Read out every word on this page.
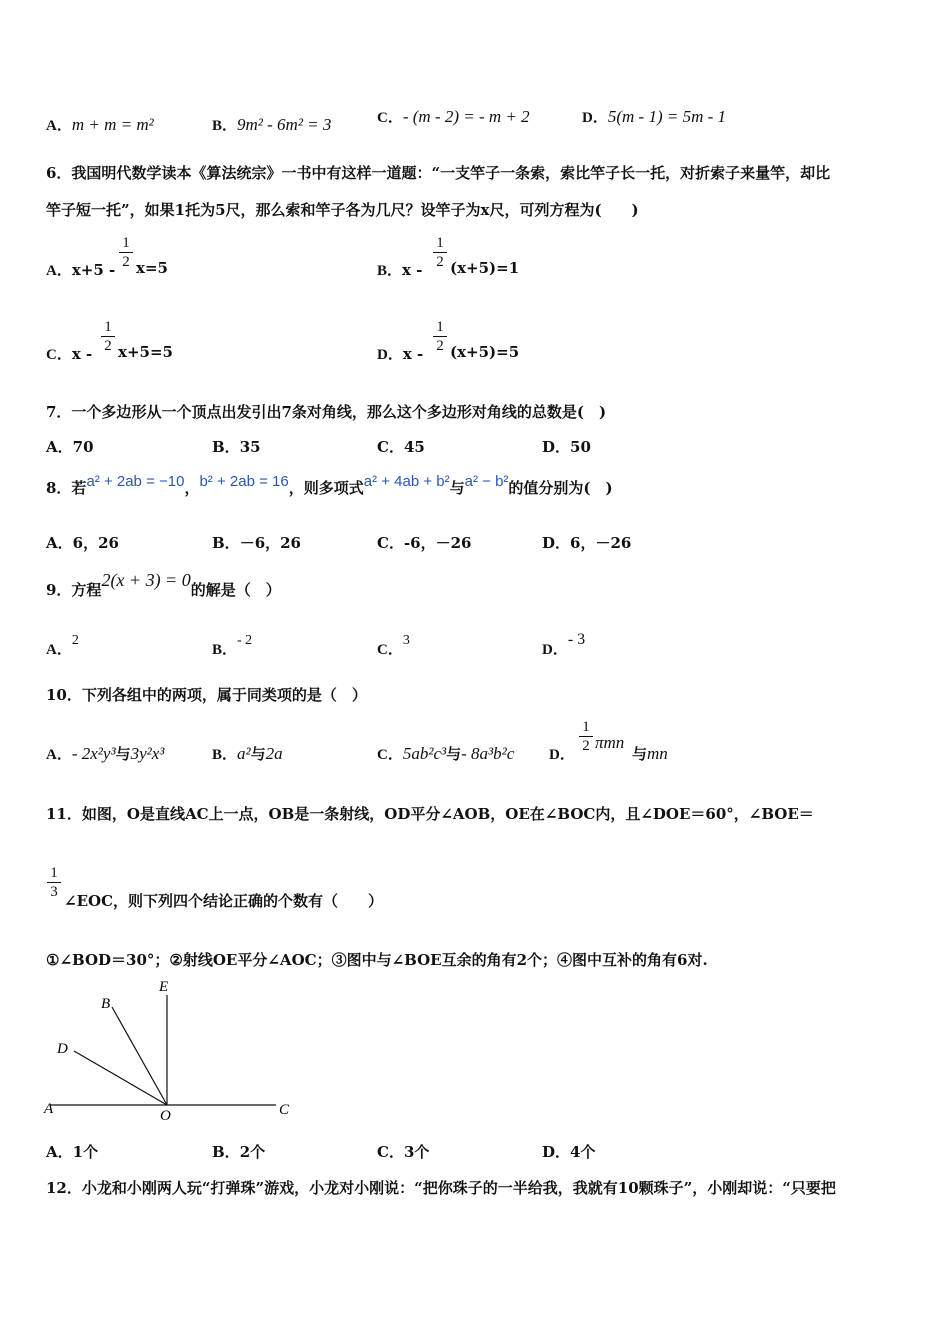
A．m + m = m²	B．9m² - 6m² = 3	C．- (m - 2) = - m + 2	D．5(m - 1) = 5m - 1
6．我国明代数学读本《算法统宗》一书中有这样一道题：“一支竿子一条索，索比竿子长一托，对折索子来量竿，却比
竿子短一托”，如果1托为5尺，那么索和竿子各为几尺？设竿子为x尺，可列方程为(　　)
A．$x+5 - \frac{1}{2} x=5$	B．$x - \frac{1}{2} (x+5)=1$
C．$x - \frac{1}{2} x+5=5$	D．$x - \frac{1}{2} (x+5)=5$
7．一个多边形从一个顶点出发引出7条对角线，那么这个多边形对角线的总数是(　)
A．70	B．35	C．45	D．50
8．若a² + 2ab = −10，b² + 2ab = 16，则多项式a² + 4ab + b²与a² − b²的值分别为(　)
A．6，26	B．－6，26	C．-6，－26	D．6，－26
9．方程2(x + 3) = 0的解是（　）
A．2
B．- 2
C．3
D．- 3
10．下列各组中的两项，属于同类项的是（　）
A．- 2x²y³与3y²x³	B．a²与2a	C．5ab²c³与- 8a³b²c D． $\frac{1}{2}$ πmn
与mn
11．如图，O是直线AC上一点，OB是一条射线，OD平分∠AOB，OE在∠BOC内，且∠DOE＝60°，∠BOE＝
$\frac{1}{3}$ ∠EOC，则下列四个结论正确的个数有（　　）
①∠BOD＝30°；②射线OE平分∠AOC；③图中与∠BOE互余的角有2个；④图中互补的角有6对.
A
B
C
D
E
O
A．1个	B．2个	C．3个	D．4个
12．小龙和小刚两人玩“打弹珠”游戏，小龙对小刚说：“把你珠子的一半给我，我就有10颗珠子”，小刚却说：“只要把
